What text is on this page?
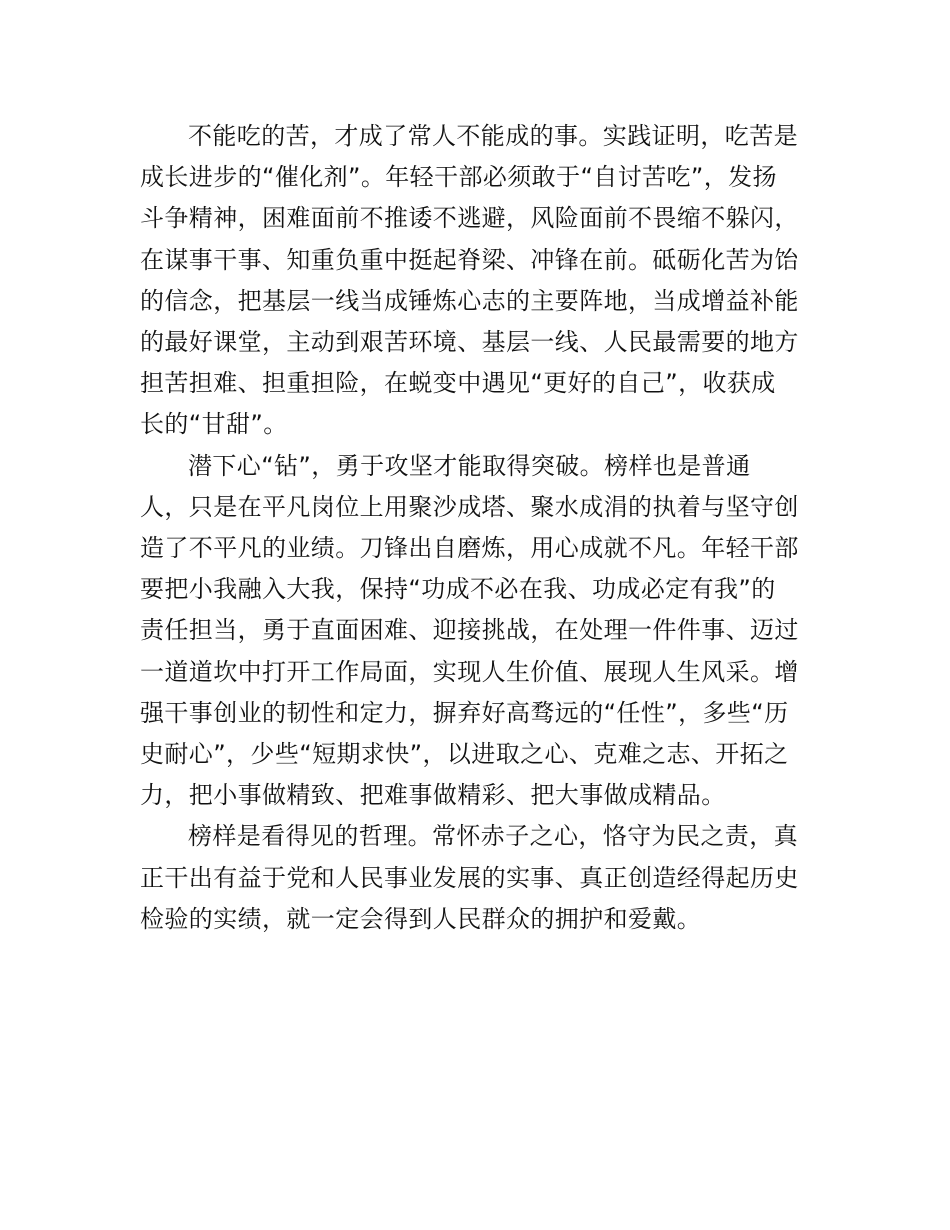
不能吃的苦，才成了常人不能成的事。实践证明，吃苦是
成长进步的“催化剂”。年轻干部必须敢于“自讨苦吃”，发扬
斗争精神，困难面前不推诿不逃避，风险面前不畏缩不躲闪，
在谋事干事、知重负重中挺起脊梁、冲锋在前。砥砺化苦为饴
的信念，把基层一线当成锤炼心志的主要阵地，当成增益补能
的最好课堂，主动到艰苦环境、基层一线、人民最需要的地方
担苦担难、担重担险，在蜕变中遇见“更好的自己”，收获成
长的“甘甜”。
潜下心“钻”，勇于攻坚才能取得突破。榜样也是普通
人，只是在平凡岗位上用聚沙成塔、聚水成涓的执着与坚守创
造了不平凡的业绩。刀锋出自磨炼，用心成就不凡。年轻干部
要把小我融入大我，保持“功成不必在我、功成必定有我”的
责任担当，勇于直面困难、迎接挑战，在处理一件件事、迈过
一道道坎中打开工作局面，实现人生价值、展现人生风采。增
强干事创业的韧性和定力，摒弃好高骛远的“任性”，多些“历
史耐心”，少些“短期求快”，以进取之心、克难之志、开拓之
力，把小事做精致、把难事做精彩、把大事做成精品。
榜样是看得见的哲理。常怀赤子之心，恪守为民之责，真
正干出有益于党和人民事业发展的实事、真正创造经得起历史
检验的实绩，就一定会得到人民群众的拥护和爱戴。
